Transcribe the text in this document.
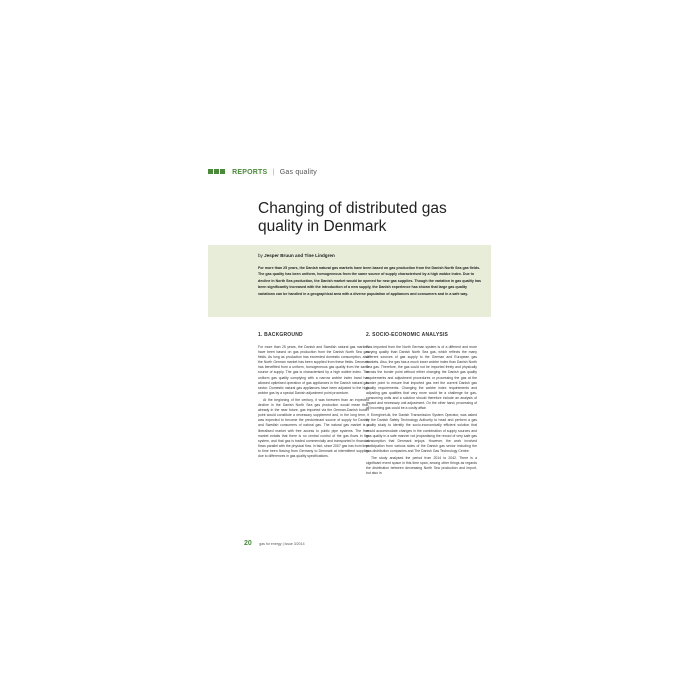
REPORTS | Gas quality
Changing of distributed gas quality in Denmark
by Jesper Bruun and Tine Lindgren
For more than 25 years, the Danish natural gas markets have been based on gas production from the Danish North Sea gas fields. The gas quality has been uniform, homogeneous from the same source of supply characterised by a high wobbe index. Due to decline in North Sea production, the Danish market would be opened for new gas supplies. Though the variation in gas quality has been significantly increased with the introduction of a new supply, the Danish experience has shown that large gas quality variations can be handled in a geographical area with a diverse population of appliances and consumers and in a safe way.
1. BACKGROUND

For more than 25 years, the Danish and Swedish natural gas markets have been based on gas production from the Danish North Sea gas fields. As long as production has exceeded domestic consumption, also the North German market has been supplied from these fields. Denmark has benefitted from a uniform, homogeneous gas quality from the same source of supply. The gas is characterised by a high wobbe index. The uniform gas quality complying with a narrow wobbe index band has allowed optimised operation of gas appliances in the Danish natural gas sector. Domestic natural gas appliances have been adjusted to the high wobbe gas by a special Danish adjustment point procedure.

At the beginning of the century, it was foreseen than an expected decline in the Danish North Sea gas production would mean that, already in the near future, gas imported via the German-Danish border point would constitute a necessary supplement and, in the long term, it was expected to become the predominant source of supply for Danish and Swedish consumers of natural gas. The natural gas market is a liberalised market with free access to public pipe systems. The free market entails that there is no central control of the gas flows in the system, and that gas is traded commercially and transported in financial flows parallel with the physical flow. In fact, since 2007 gas has from time to time been flowing from Germany to Denmark at intermittent supplies due to differences in gas quality specifications.

2. SOCIO-ECONOMIC ANALYSIS

Gas imported from the North German system is of a different and more varying quality than Danish North Sea gas, which reflects the many different sources of gas supply to the German and European gas markets. Also, the gas has a much lower wobbe index than Danish North Sea gas. Therefore, the gas could not be imported freely and physically across the border point without either changing the Danish gas quality requirements and adjustment procedures or processing the gas at the border point to ensure that imported gas met the current Danish gas quality requirements. Changing the wobbe index requirements and adjusting gas qualities that vary more could be a challenge for gas-consuming units and a solution should therefore include an analysis of impact and necessary unit adjustment. On the other hand, processing of all incoming gas could be a costly affair.

Energinet.dk, the Danish Transmission System Operator, was asked by the Danish Safety Technology Authority to head and perform a gas quality study to identify the socio-economically efficient solution that would accommodate changes in the combination of supply sources and gas quality in a safe manner not jeopardising the record of very safe gas consumption that Denmark enjoys. However, the work involved participation from various sides of the Danish gas sector including the gas distribution companies and The Danish Gas Technology Centre.

The study analysed the period from 2014 to 2042. There is a significant event space in this time span, among other things as regards the distribution between decreasing North Sea production and import, but also in

20 gas for energy | Issue 3/2014
